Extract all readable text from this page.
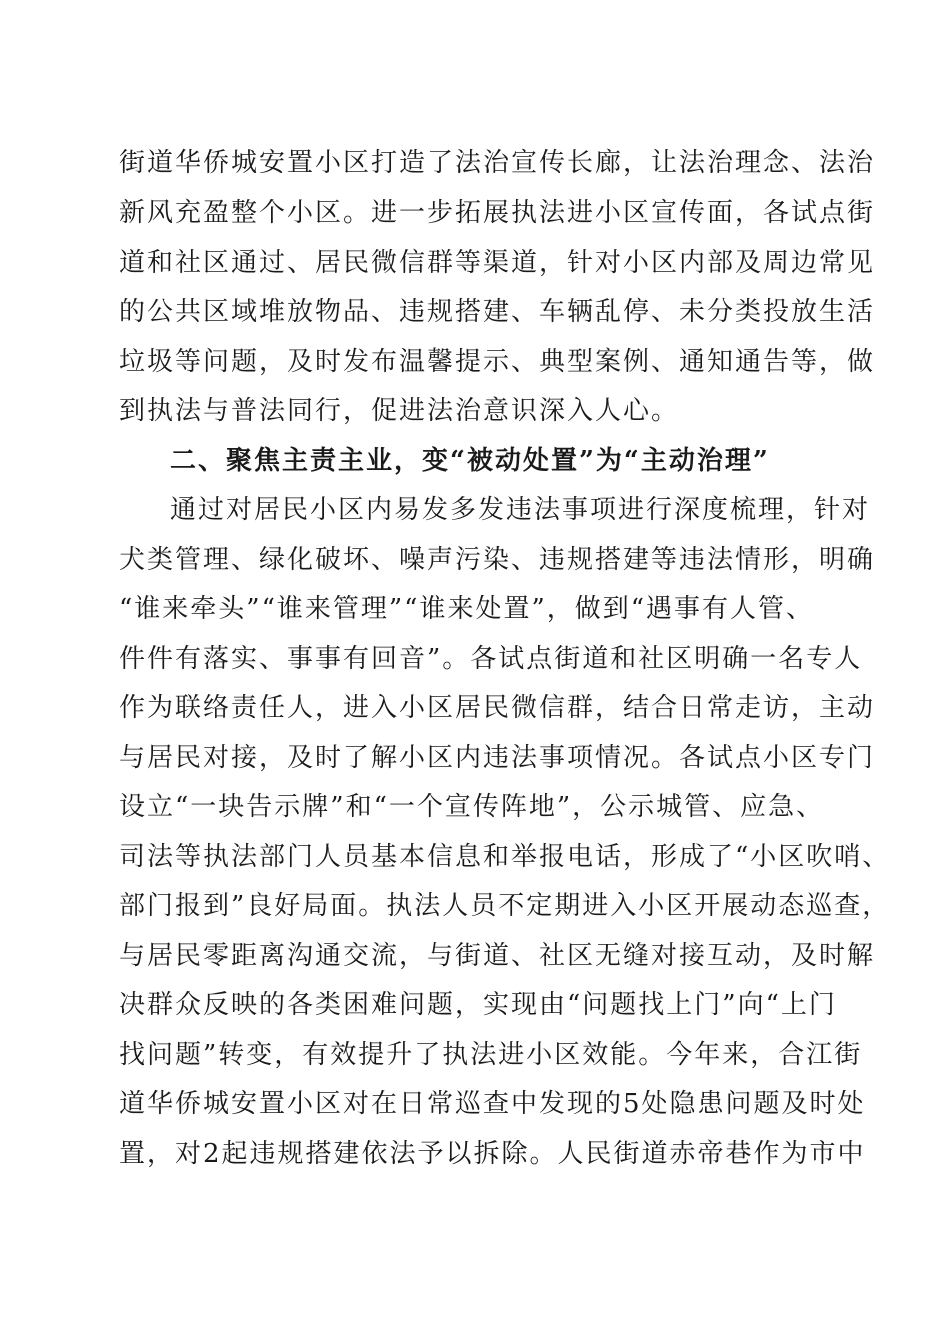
街道华侨城安置小区打造了法治宣传长廊，让法治理念、法治
新风充盈整个小区。进一步拓展执法进小区宣传面，各试点街
道和社区通过、居民微信群等渠道，针对小区内部及周边常见
的公共区域堆放物品、违规搭建、车辆乱停、未分类投放生活
垃圾等问题，及时发布温馨提示、典型案例、通知通告等，做
到执法与普法同行，促进法治意识深入人心。
二、聚焦主责主业，变“被动处置”为“主动治理”
通过对居民小区内易发多发违法事项进行深度梳理，针对
犬类管理、绿化破坏、噪声污染、违规搭建等违法情形，明确
“谁来牵头”“谁来管理”“谁来处置”，做到“遇事有人管、
件件有落实、事事有回音”。各试点街道和社区明确一名专人
作为联络责任人，进入小区居民微信群，结合日常走访，主动
与居民对接，及时了解小区内违法事项情况。各试点小区专门
设立“一块告示牌”和“一个宣传阵地”，公示城管、应急、
司法等执法部门人员基本信息和举报电话，形成了“小区吹哨、
部门报到”良好局面。执法人员不定期进入小区开展动态巡查，
与居民零距离沟通交流，与街道、社区无缝对接互动，及时解
决群众反映的各类困难问题，实现由“问题找上门”向“上门
找问题”转变，有效提升了执法进小区效能。今年来，合江街
道华侨城安置小区对在日常巡查中发现的5处隐患问题及时处
置，对2起违规搭建依法予以拆除。人民街道赤帝巷作为市中
